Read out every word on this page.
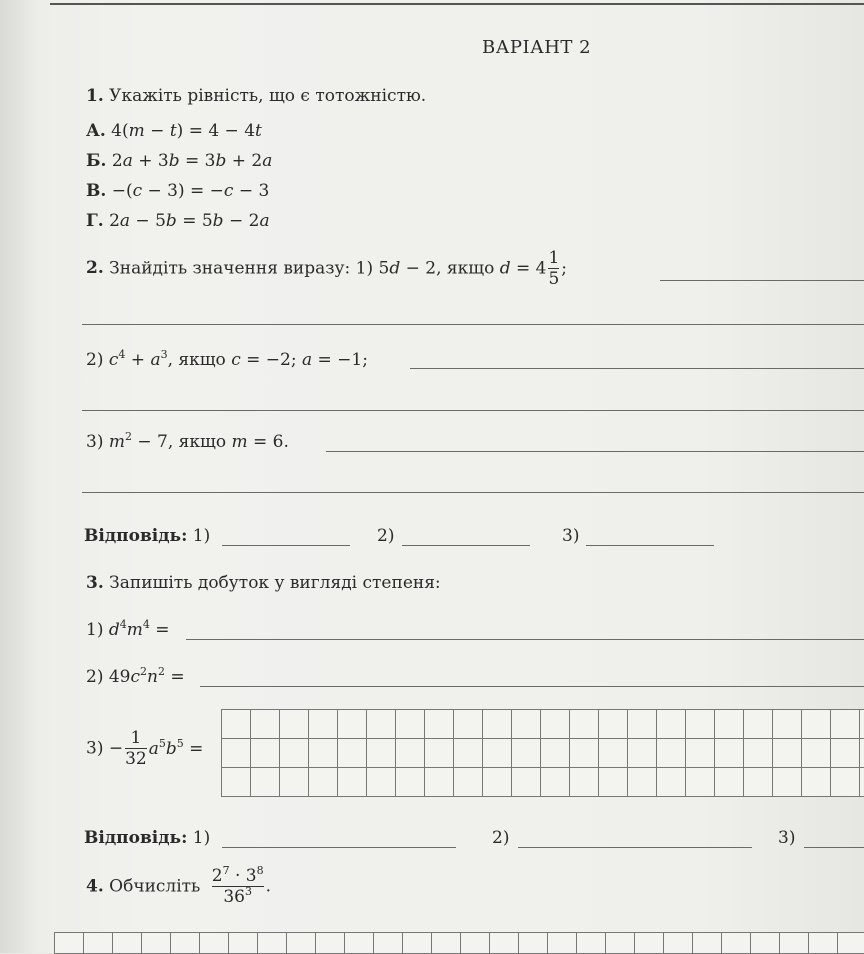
ВАРІАНТ 2
1. Укажіть рівність, що є тотожністю.
А. 4(m − t) = 4 − 4t
Б. 2a + 3b = 3b + 2a
В. −(c − 3) = −c − 3
Г. 2a − 5b = 5b − 2a
2. Знайдіть значення виразу: 1) 5d − 2, якщо $d = 4 \frac{1}{5}$ ;
2) $c^4 + a^3$, якщо c = −2; a = −1;
3) $m^2 - 7$, якщо m = 6.
Відповідь: 1)	2)	3)
3. Запишіть добуток у вигляді степеня:
1) $d^4m^4$ =
2) $49c^2n^2$ =
$3) - \frac{1}{32} a^5b^5$ =
Відповідь: 1)	2)	3)
4. Обчисліть $\frac{2^7 \cdot 3^8}{36^3}$ .
